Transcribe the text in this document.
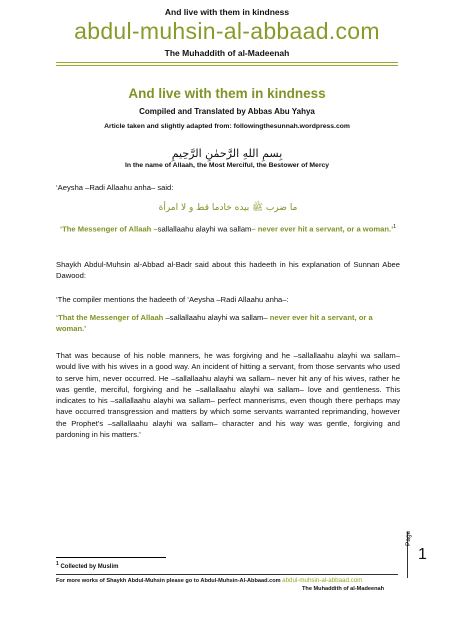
And live with them in kindness
abdul-muhsin-al-abbaad.com
The Muhaddith of al-Madeenah
And live with them in kindness
Compiled and Translated by Abbas Abu Yahya
Article taken and slightly adapted from: followingthesunnah.wordpress.com
بِسمِ اللهِ الرَّحمٰنِ الرَّحِيمِ
In the name of Allaah, the Most Merciful, the Bestower of Mercy
‘Aeysha –Radi Allaahu anha– said:
ما ضرب ﷺ بيده خادما قط و لا امرأة
‘The Messenger of Allaah –sallallaahu alayhi wa sallam– never ever hit a servant, or a woman.’$^1$
Shaykh Abdul-Muhsin al-Abbad al-Badr said about this hadeeth in his explanation of Sunnan Abee Dawood:
‘The compiler mentions the hadeeth of ‘Aeysha –Radi Allaahu anha–:
‘That the Messenger of Allaah –sallallaahu alayhi wa sallam– never ever hit a servant, or a woman.’
That was because of his noble manners, he was forgiving and he –sallallaahu alayhi wa sallam– would live with his wives in a good way. An incident of hitting a servant, from those servants who used to serve him, never occurred. He –sallallaahu alayhi wa sallam– never hit any of his wives, rather he was gentle, merciful, forgiving and he –sallallaahu alayhi wa sallam– love and gentleness. This indicates to his –sallallaahu alayhi wa sallam– perfect mannerisms, even though there perhaps may have occurred transgression and matters by which some servants warranted reprimanding, however the Prophet’s –sallallaahu alayhi wa sallam– character and his way was gentle, forgiving and pardoning in his matters.’
$^1$ Collected by Muslim
For more works of Shaykh Abdul-Muhsin please go to Abdul-Muhsin-Al-Abbaad.com abdul-muhsin-al-abbaad.com
The Muhaddith of al-Madeenah
Page
1
